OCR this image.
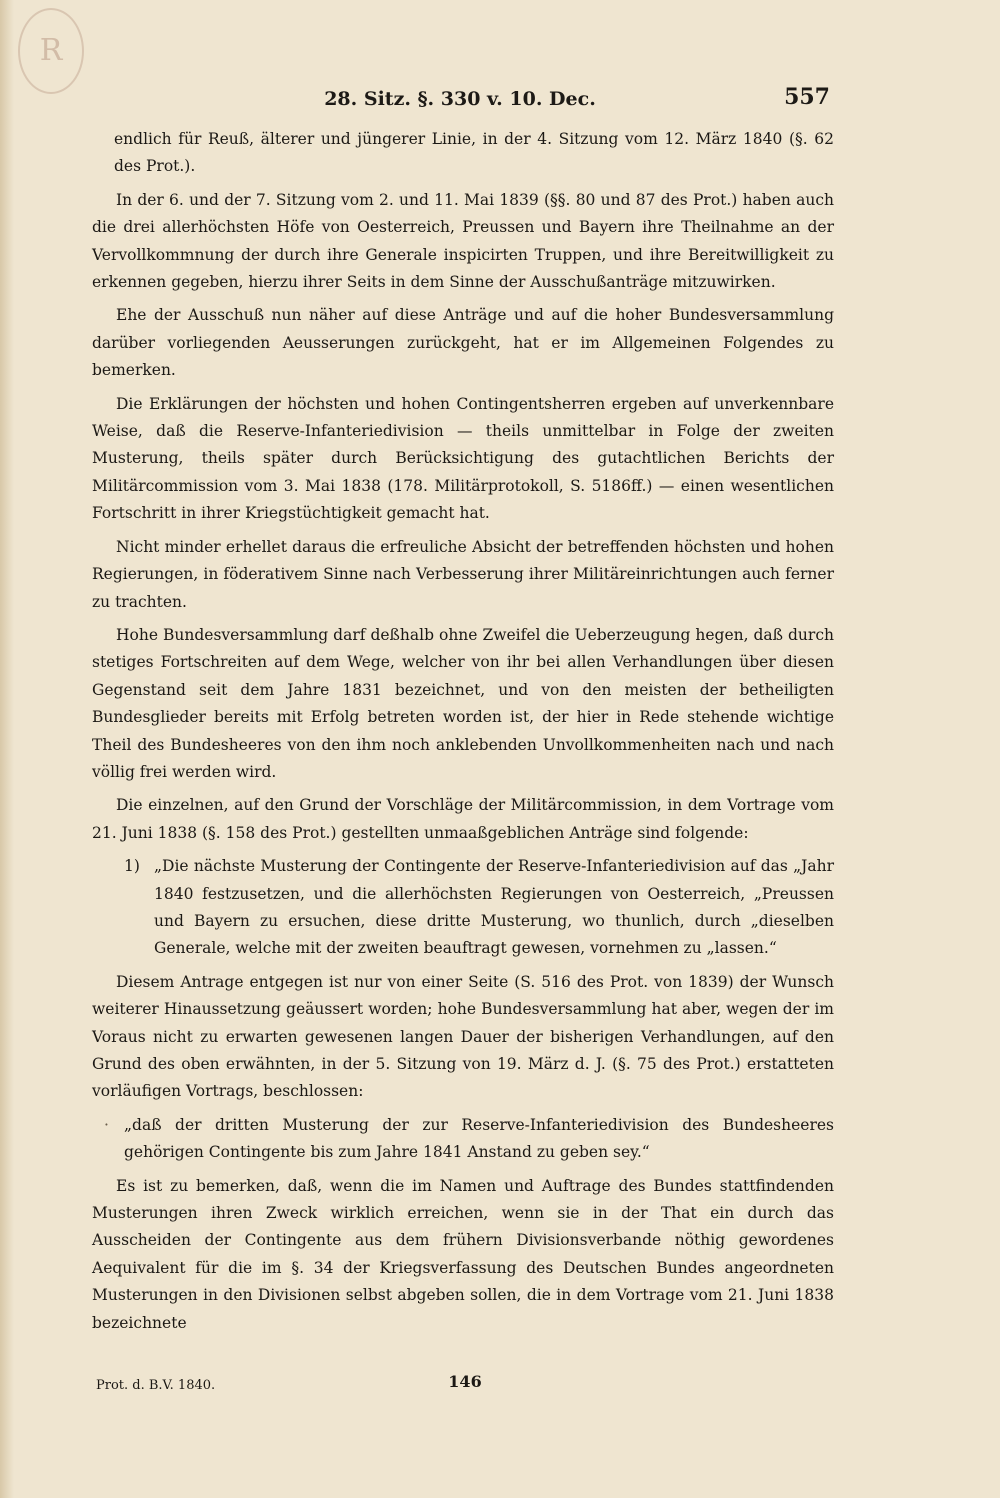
R
28. Sitz. §. 330 v. 10. Dec.	557

endlich für Reuß, älterer und jüngerer Linie, in der 4. Sitzung vom 12. März 1840 (§. 62 des Prot.).

In der 6. und der 7. Sitzung vom 2. und 11. Mai 1839 (§§. 80 und 87 des Prot.) haben auch die drei allerhöchsten Höfe von Oesterreich, Preussen und Bayern ihre Theilnahme an der Vervollkommnung der durch ihre Generale inspicirten Truppen, und ihre Bereitwilligkeit zu erkennen gegeben, hierzu ihrer Seits in dem Sinne der Ausschußanträge mitzuwirken.

Ehe der Ausschuß nun näher auf diese Anträge und auf die hoher Bundesversammlung darüber vorliegenden Aeusserungen zurückgeht, hat er im Allgemeinen Folgendes zu bemerken.

Die Erklärungen der höchsten und hohen Contingentsherren ergeben auf unverkennbare Weise, daß die Reserve-Infanteriedivision — theils unmittelbar in Folge der zweiten Musterung, theils später durch Berücksichtigung des gutachtlichen Berichts der Militärcommission vom 3. Mai 1838 (178. Militärprotokoll, S. 5186ff.) — einen wesentlichen Fortschritt in ihrer Kriegstüchtigkeit gemacht hat.

Nicht minder erhellet daraus die erfreuliche Absicht der betreffenden höchsten und hohen Regierungen, in föderativem Sinne nach Verbesserung ihrer Militäreinrichtungen auch ferner zu trachten.

Hohe Bundesversammlung darf deßhalb ohne Zweifel die Ueberzeugung hegen, daß durch stetiges Fortschreiten auf dem Wege, welcher von ihr bei allen Verhandlungen über diesen Gegenstand seit dem Jahre 1831 bezeichnet, und von den meisten der betheiligten Bundesglieder bereits mit Erfolg betreten worden ist, der hier in Rede stehende wichtige Theil des Bundesheeres von den ihm noch anklebenden Unvollkommenheiten nach und nach völlig frei werden wird.

Die einzelnen, auf den Grund der Vorschläge der Militärcommission, in dem Vortrage vom 21. Juni 1838 (§. 158 des Prot.) gestellten unmaaßgeblichen Anträge sind folgende:

1) „Die nächste Musterung der Contingente der Reserve-Infanteriedivision auf das „Jahr 1840 festzusetzen, und die allerhöchsten Regierungen von Oesterreich, „Preussen und Bayern zu ersuchen, diese dritte Musterung, wo thunlich, durch „dieselben Generale, welche mit der zweiten beauftragt gewesen, vornehmen zu „lassen.“

Diesem Antrage entgegen ist nur von einer Seite (S. 516 des Prot. von 1839) der Wunsch weiterer Hinaussetzung geäussert worden; hohe Bundesversammlung hat aber, wegen der im Voraus nicht zu erwarten gewesenen langen Dauer der bisherigen Verhandlungen, auf den Grund des oben erwähnten, in der 5. Sitzung von 19. März d. J. (§. 75 des Prot.) erstatteten vorläufigen Vortrags, beschlossen:

· „daß der dritten Musterung der zur Reserve-Infanteriedivision des Bundesheeres gehörigen Contingente bis zum Jahre 1841 Anstand zu geben sey.“

Es ist zu bemerken, daß, wenn die im Namen und Auftrage des Bundes stattfindenden Musterungen ihren Zweck wirklich erreichen, wenn sie in der That ein durch das Ausscheiden der Contingente aus dem frühern Divisionsverbande nöthig gewordenes Aequivalent für die im §. 34 der Kriegsverfassung des Deutschen Bundes angeordneten Musterungen in den Divisionen selbst abgeben sollen, die in dem Vortrage vom 21. Juni 1838 bezeichnete

Prot. d. B.V. 1840.	146
